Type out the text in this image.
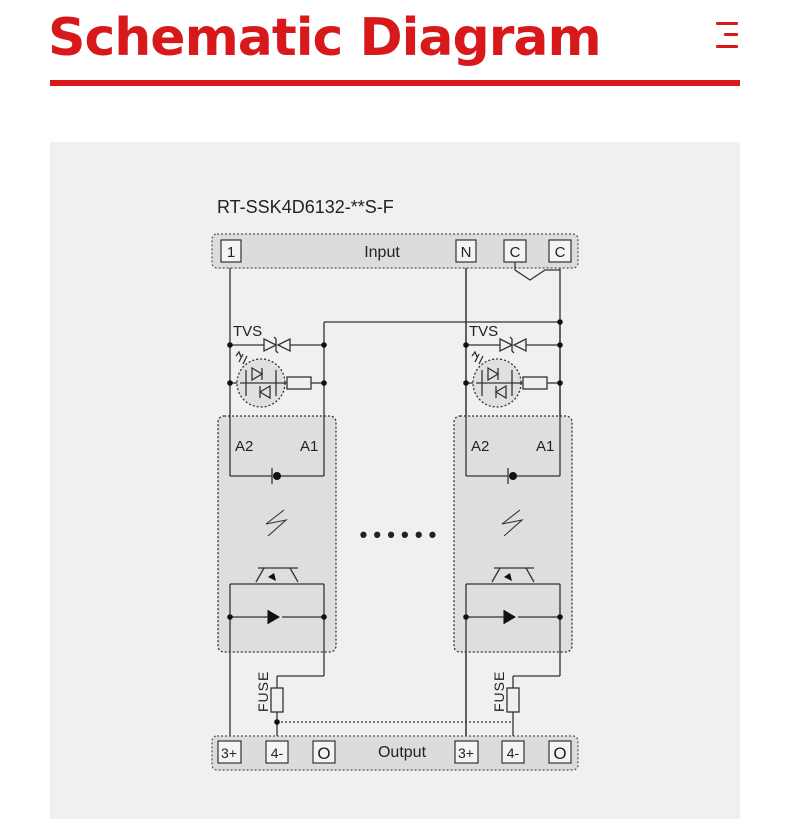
Schematic Diagram
RT-SSK4D6132-**S-F
Input
1	N	C C
TVS	TVS
A2	A1	A2	A1
FUSE	FUSE
• • • • • •
Output
3+ 4- O	3+ 4- O
